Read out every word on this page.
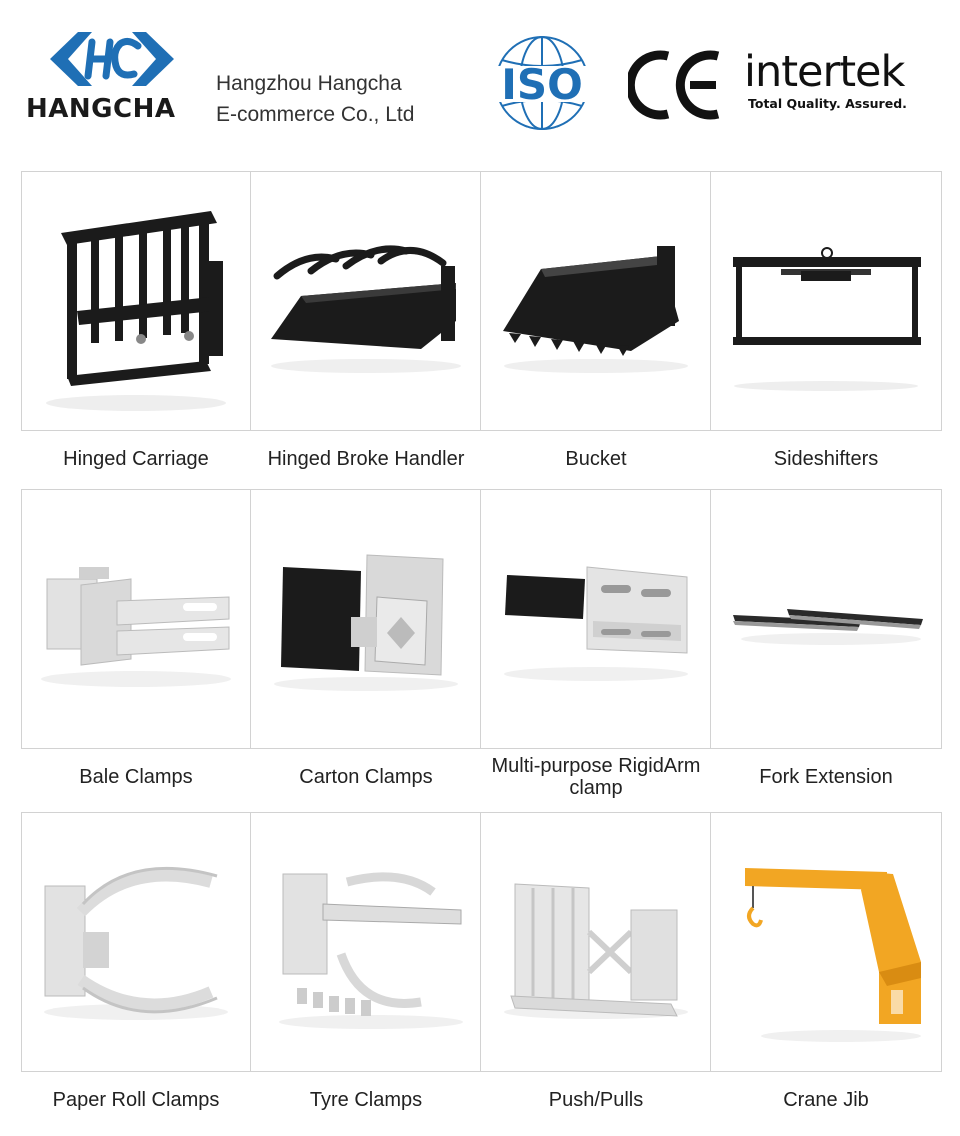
HANGCHA
Hangzhou Hangcha
E-commerce Co., Ltd
ISO	intertek
Total Quality. Assured.
Hinged Carriage	Hinged Broke Handler	Bucket	Sideshifters
Bale Clamps	Carton Clamps	Multi-purpose RigidArm clamp	Fork Extension
Paper Roll Clamps	Tyre Clamps	Push/Pulls	Crane Jib
